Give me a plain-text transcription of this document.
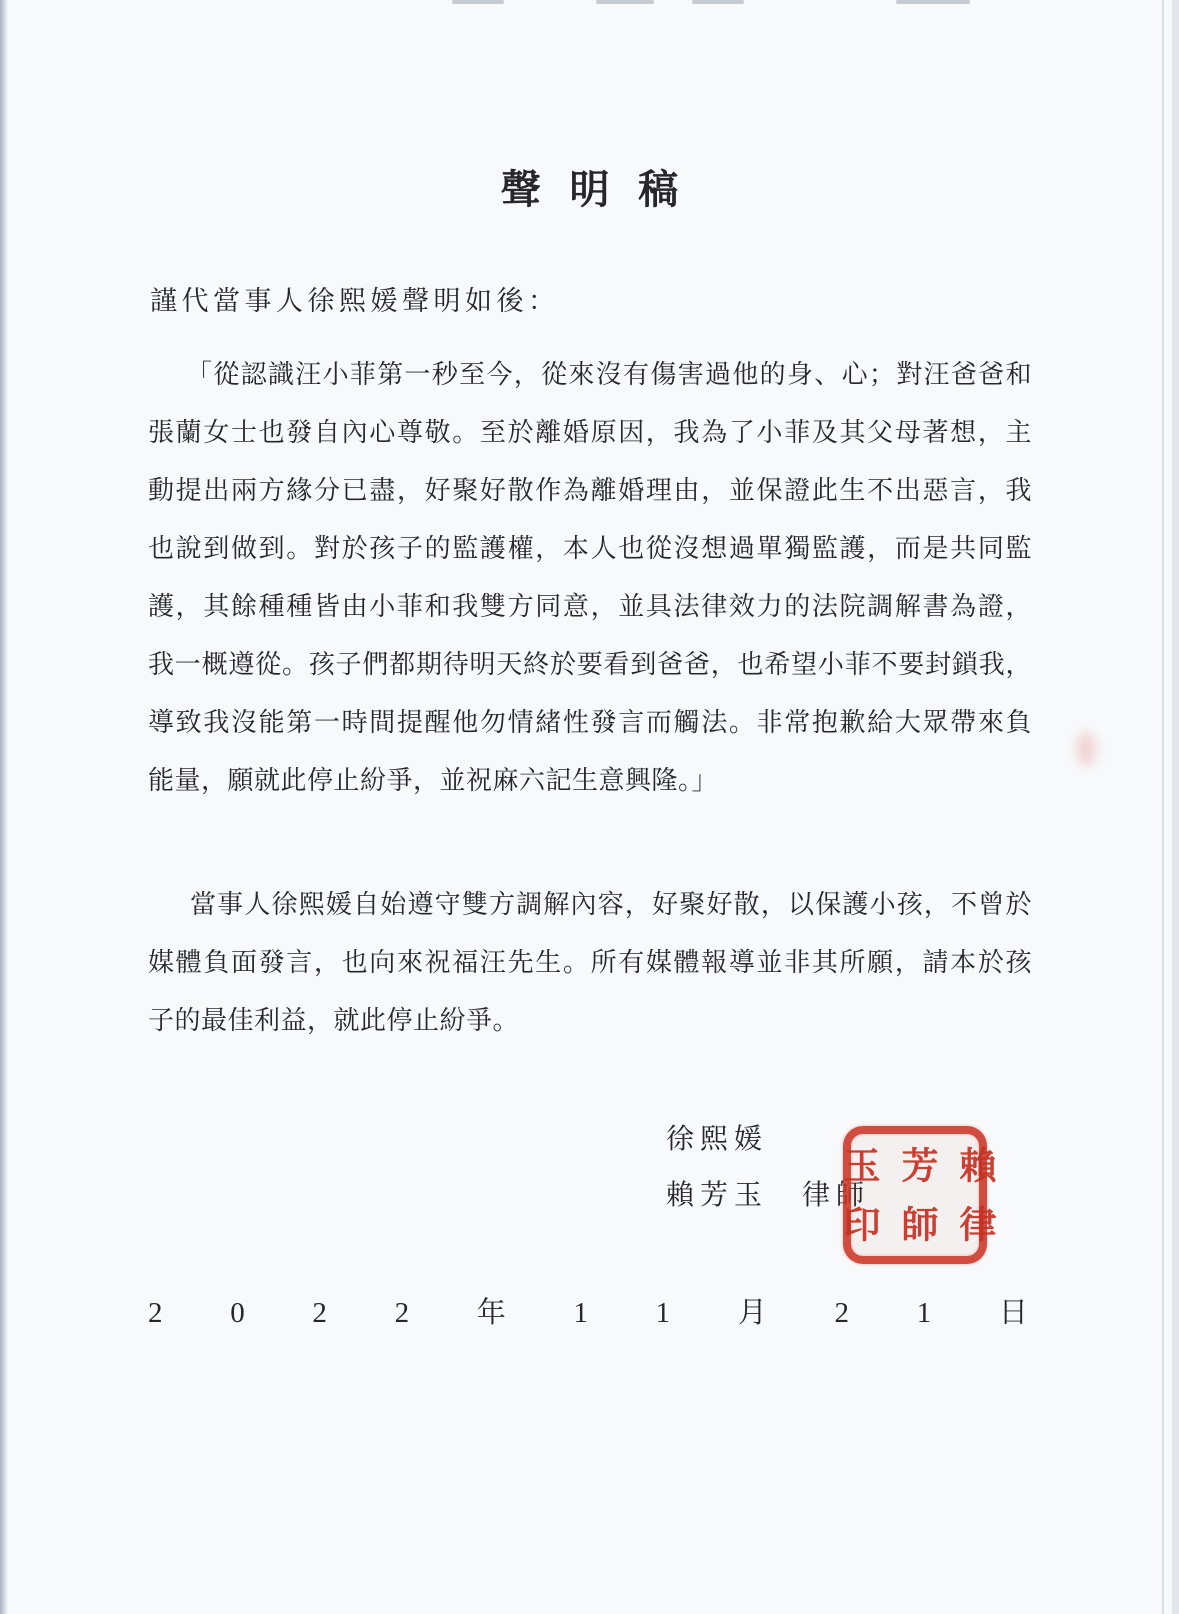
聲明稿
謹代當事人徐熙媛聲明如後：
「從認識汪小菲第一秒至今，從來沒有傷害過他的身、心；對汪爸爸和
張蘭女士也發自內心尊敬。至於離婚原因，我為了小菲及其父母著想，主
動提出兩方緣分已盡，好聚好散作為離婚理由，並保證此生不出惡言，我
也說到做到。對於孩子的監護權，本人也從沒想過單獨監護，而是共同監
護，其餘種種皆由小菲和我雙方同意，並具法律效力的法院調解書為證，
我一概遵從。孩子們都期待明天終於要看到爸爸，也希望小菲不要封鎖我，
導致我沒能第一時間提醒他勿情緒性發言而觸法。非常抱歉給大眾帶來負
能量，願就此停止紛爭，並祝麻六記生意興隆。」
當事人徐熙媛自始遵守雙方調解內容，好聚好散，以保護小孩，不曾於
媒體負面發言，也向來祝福汪先生。所有媒體報導並非其所願，請本於孩
子的最佳利益，就此停止紛爭。
徐熙媛
賴芳玉　律師
賴芳玉
律師印
2 0 2 2 年 1 1 月 2 1 日
